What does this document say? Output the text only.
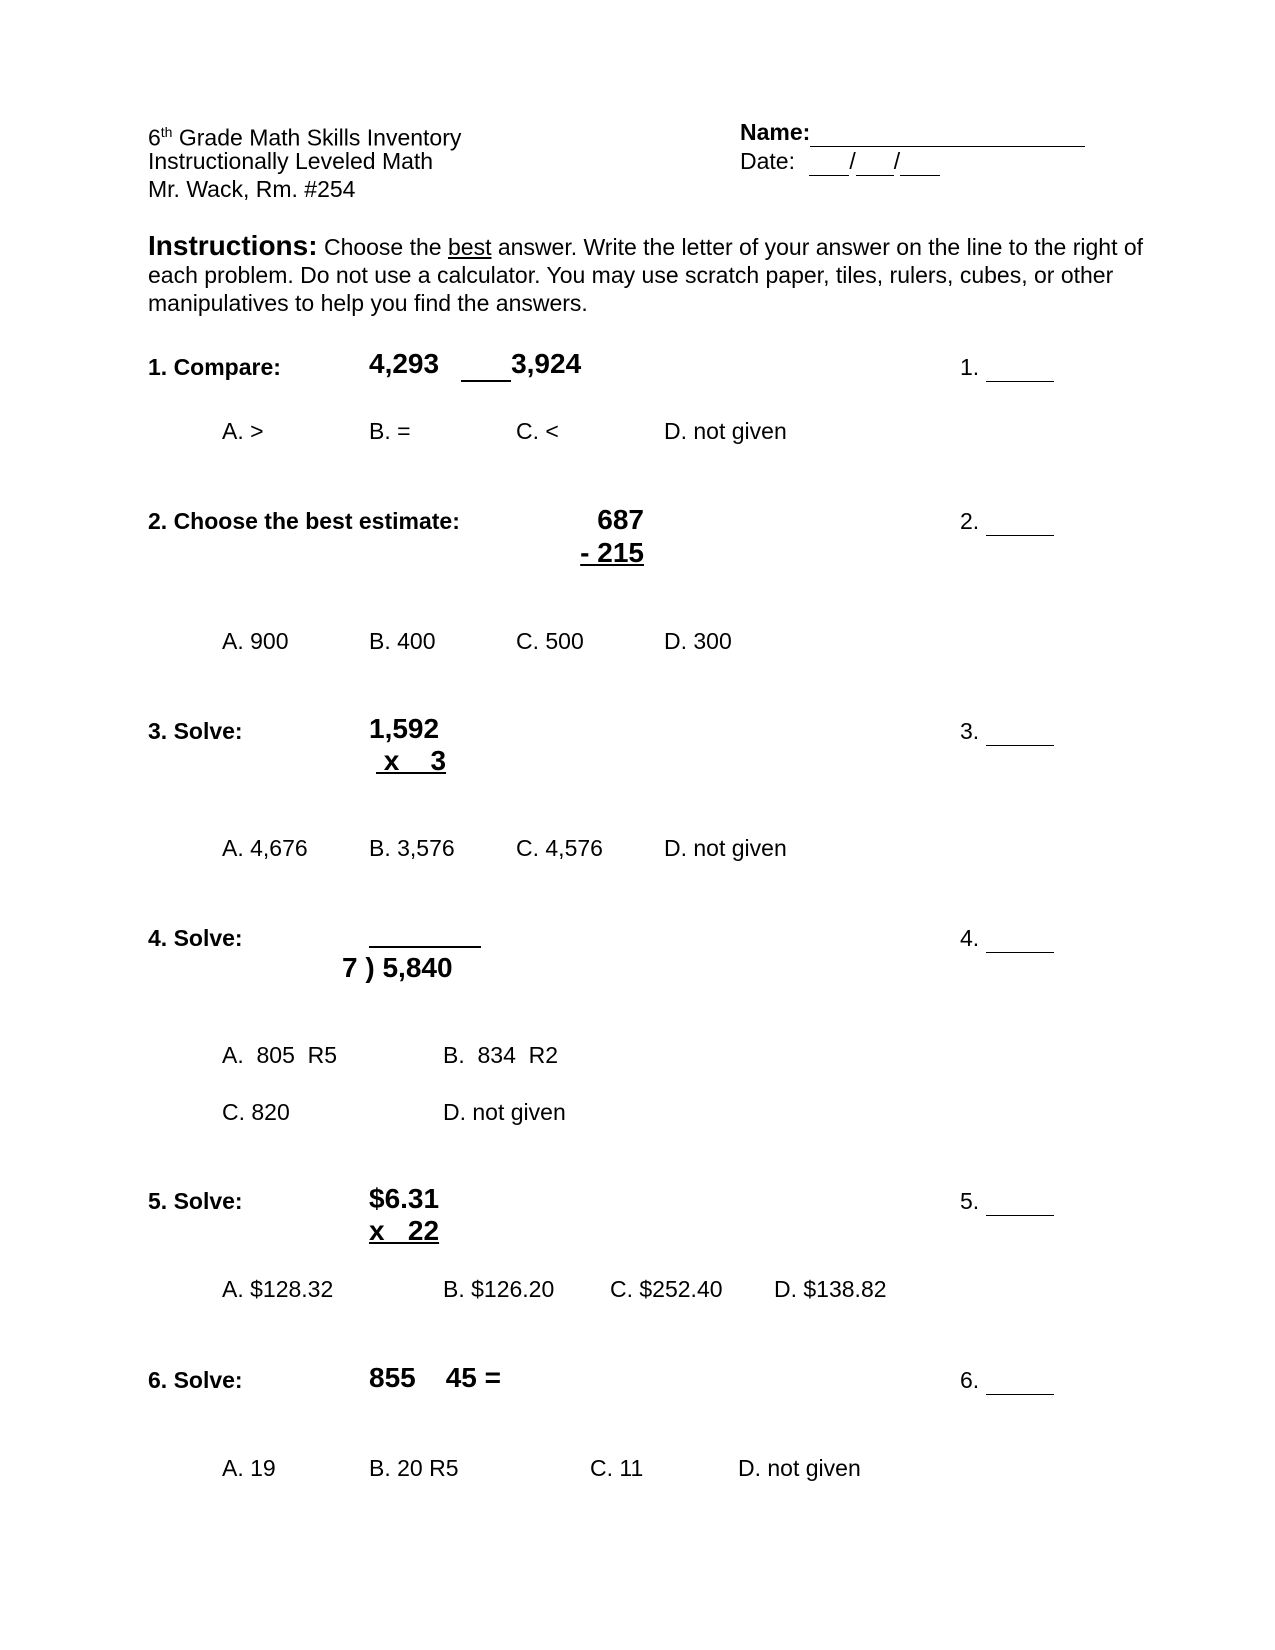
6th Grade Math Skills Inventory
Instructionally Leveled Math
Mr. Wack, Rm. #254
Name:
Date: / /
Instructions: Choose the best answer. Write the letter of your answer on the line to the right of each problem. Do not use a calculator. You may use scratch paper, tiles, rulers, cubes, or other manipulatives to help you find the answers.
1. Compare:	4,293	3,924	1.
A. >	B. =	C. <	D. not given
2. Choose the best estimate:	687
- 215
2.
A. 900	B. 400	C. 500	D. 300
3. Solve:	1,592
x    3
3.
A. 4,676	B. 3,576	C. 4,576	D. not given
4. Solve:
7 ) 5,840
4.
A.  805  R5	B.  834  R2
C. 820	D. not given
5. Solve:	$6.31
x   22
5.
A. $128.32	B. $126.20 C. $252.40 D. $138.82
6. Solve:	855 45 =	6.
A. 19	B. 20 R5	C. 11	D. not given
